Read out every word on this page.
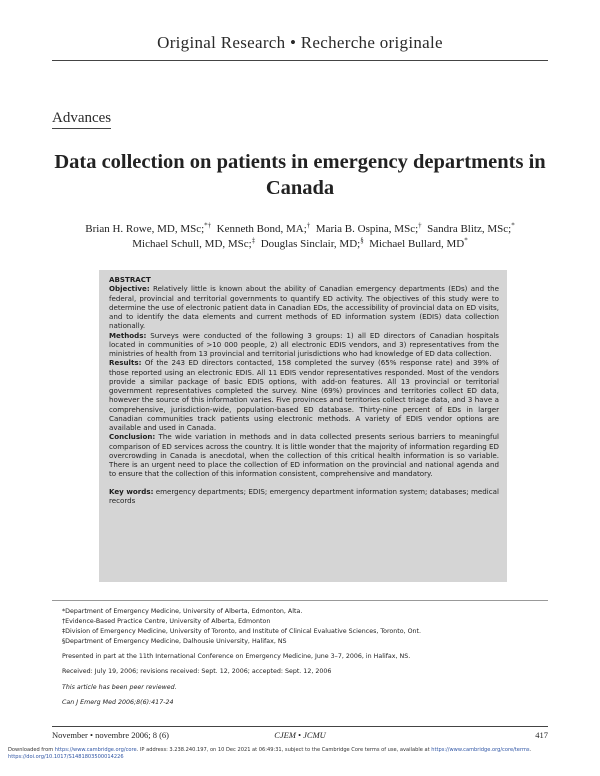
Original Research • Recherche originale
Advances
Data collection on patients in emergency departments in Canada
Brian H. Rowe, MD, MSc;*† Kenneth Bond, MA;† Maria B. Ospina, MSc;† Sandra Blitz, MSc;*
Michael Schull, MD, MSc;‡ Douglas Sinclair, MD;§ Michael Bullard, MD*

ABSTRACT

Objective: Relatively little is known about the ability of Canadian emergency departments (EDs) and the federal, provincial and territorial governments to quantify ED activity. The objectives of this study were to determine the use of electronic patient data in Canadian EDs, the accessibility of provincial data on ED visits, and to identify the data elements and current methods of ED information system (EDIS) data collection nationally.

Methods: Surveys were conducted of the following 3 groups: 1) all ED directors of Canadian hospitals located in communities of >10 000 people, 2) all electronic EDIS vendors, and 3) representatives from the ministries of health from 13 provincial and territorial jurisdictions who had knowledge of ED data collection.

Results: Of the 243 ED directors contacted, 158 completed the survey (65% response rate) and 39% of those reported using an electronic EDIS. All 11 EDIS vendor representatives responded. Most of the vendors provide a similar package of basic EDIS options, with add-on features. All 13 provincial or territorial government representatives completed the survey. Nine (69%) provinces and territories collect ED data, however the source of this information varies. Five provinces and territories collect triage data, and 3 have a comprehensive, jurisdiction-wide, population-based ED database. Thirty-nine percent of EDs in larger Canadian communities track patients using electronic methods. A variety of EDIS vendor options are available and used in Canada.

Conclusion: The wide variation in methods and in data collected presents serious barriers to meaningful comparison of ED services across the country. It is little wonder that the majority of information regarding ED overcrowding in Canada is anecdotal, when the collection of this critical health information is so variable. There is an urgent need to place the collection of ED information on the provincial and national agenda and to ensure that the collection of this information consistent, comprehensive and mandatory.

Key words: emergency departments; EDIS; emergency department information system; databases; medical records

*Department of Emergency Medicine, University of Alberta, Edmonton, Alta.

†Evidence-Based Practice Centre, University of Alberta, Edmonton

‡Division of Emergency Medicine, University of Toronto, and Institute of Clinical Evaluative Sciences, Toronto, Ont.

§Department of Emergency Medicine, Dalhousie University, Halifax, NS

Presented in part at the 11th International Conference on Emergency Medicine, June 3–7, 2006, in Halifax, NS.

Received: July 19, 2006; revisions received: Sept. 12, 2006; accepted: Sept. 12, 2006

This article has been peer reviewed.

Can J Emerg Med 2006;8(6):417-24

November • novembre 2006; 8 (6)	CJEM • JCMU	417
Downloaded from https://www.cambridge.org/core. IP address: 3.238.240.197, on 10 Dec 2021 at 06:49:31, subject to the Cambridge Core terms of use, available at https://www.cambridge.org/core/terms. https://doi.org/10.1017/S1481803500014226
